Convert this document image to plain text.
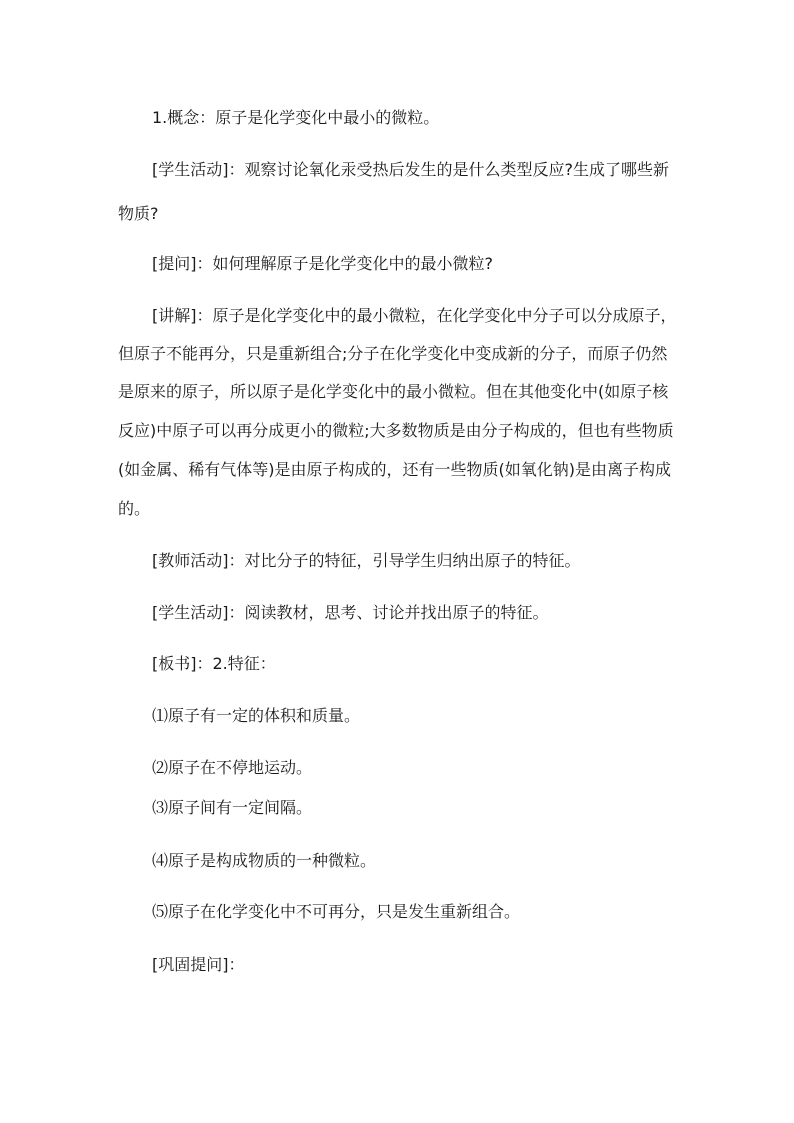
1.概念：原子是化学变化中最小的微粒。

[学生活动]：观察讨论氧化汞受热后发生的是什么类型反应?生成了哪些新

物质?

[提问]：如何理解原子是化学变化中的最小微粒?

[讲解]：原子是化学变化中的最小微粒，在化学变化中分子可以分成原子，

但原子不能再分，只是重新组合;分子在化学变化中变成新的分子，而原子仍然

是原来的原子，所以原子是化学变化中的最小微粒。但在其他变化中(如原子核

反应)中原子可以再分成更小的微粒;大多数物质是由分子构成的，但也有些物质

(如金属、稀有气体等)是由原子构成的，还有一些物质(如氧化钠)是由离子构成

的。

[教师活动]：对比分子的特征，引导学生归纳出原子的特征。

[学生活动]：阅读教材，思考、讨论并找出原子的特征。

[板书]：2.特征：

⑴原子有一定的体积和质量。

⑵原子在不停地运动。

⑶原子间有一定间隔。

⑷原子是构成物质的一种微粒。

⑸原子在化学变化中不可再分，只是发生重新组合。

[巩固提问]：
